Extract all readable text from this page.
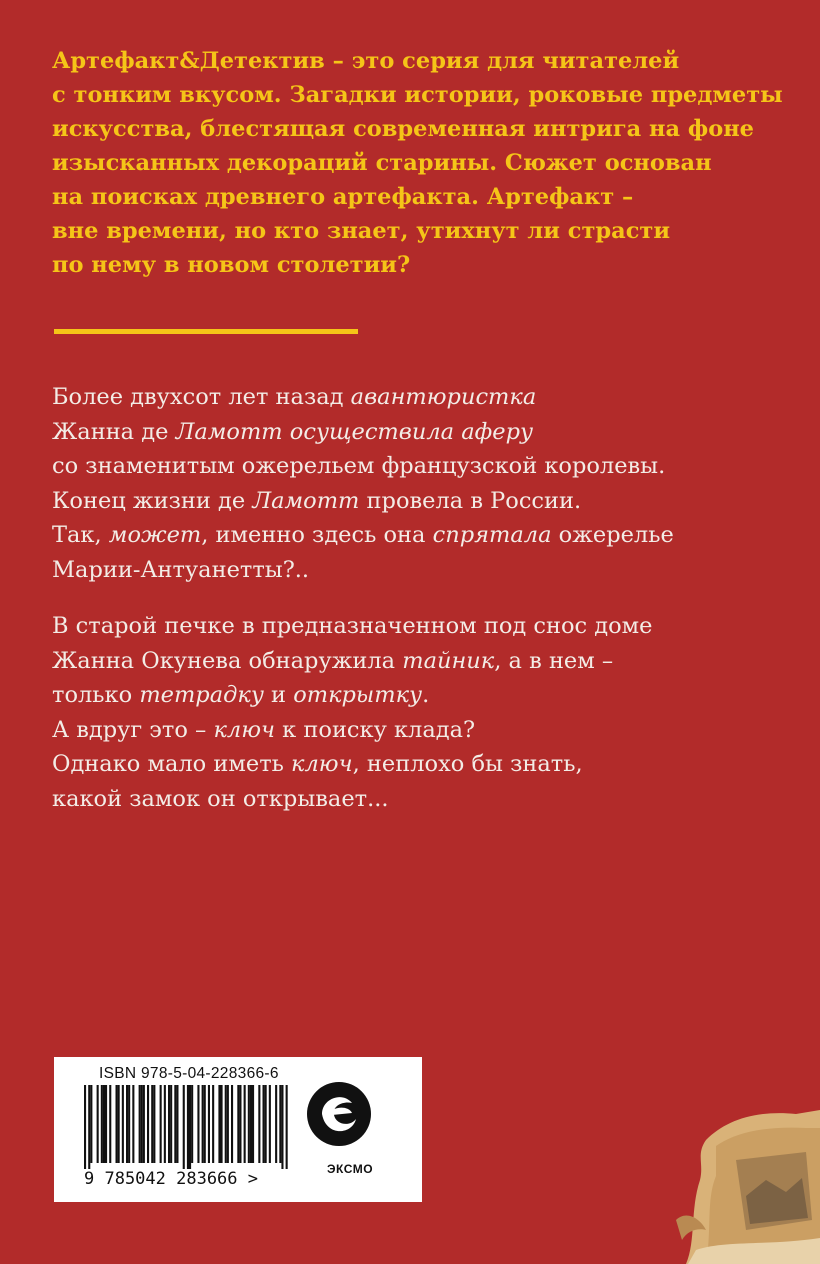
Артефакт&Детектив – это серия для читателей
с тонким вкусом. Загадки истории, роковые предметы
искусства, блестящая современная интрига на фоне
изысканных декораций старины. Сюжет основан
на поисках древнего артефакта. Артефакт –
вне времени, но кто знает, утихнут ли страсти
по нему в новом столетии?
Более двухсот лет назад авантюристка
Жанна де Ламотт осуществила аферу
со знаменитым ожерельем французской королевы.
Конец жизни де Ламотт провела в России.
Так, может, именно здесь она спрятала ожерелье
Марии-Антуанетты?..
В старой печке в предназначенном под снос доме
Жанна Окунева обнаружила тайник, а в нем –
только тетрадку и открытку.
А вдруг это – ключ к поиску клада?
Однако мало иметь ключ, неплохо бы знать,
какой замок он открывает...
ISBN 978-5-04-228366-6
9 785042 283666 >	ЭКСМО
